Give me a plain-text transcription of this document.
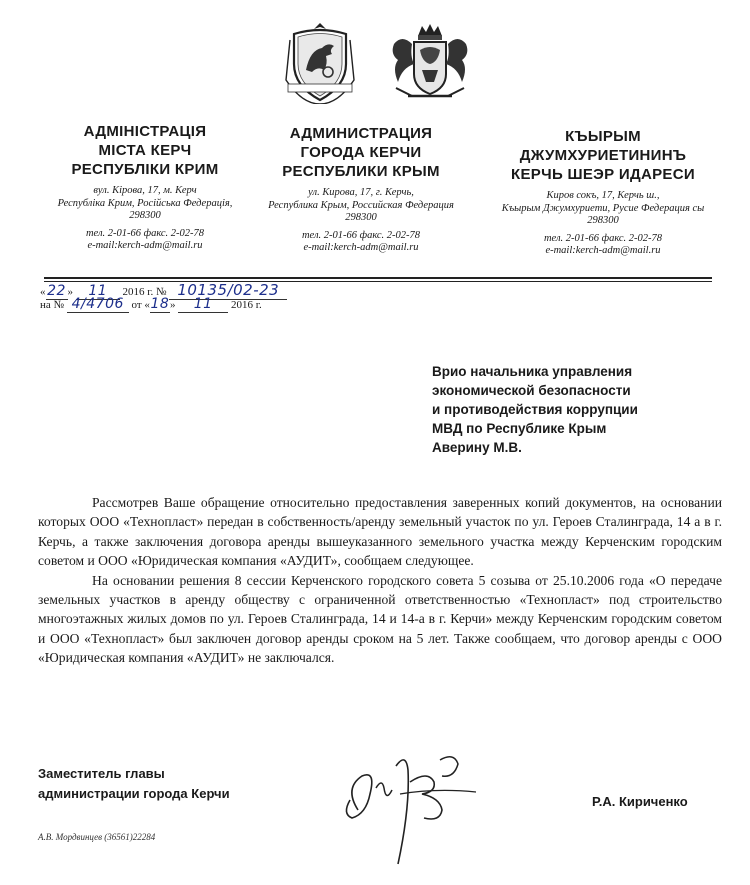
АДМІНІСТРАЦІЯ
МІСТА КЕРЧ
РЕСПУБЛІКИ КРИМ
вул. Кірова, 17, м. Керч
Республіка Крим, Російська Федерація,
298300
тел. 2-01-66 факс. 2-02-78
e-mail:kerch-adm@mail.ru
АДМИНИСТРАЦИЯ
ГОРОДА КЕРЧИ
РЕСПУБЛИКИ КРЫМ
ул. Кирова, 17, г. Керчь,
Республика Крым, Российская Федерация
298300
тел. 2-01-66 факс. 2-02-78
e-mail:kerch-adm@mail.ru
КЪЫРЫМ
ДЖУМХУРИЕТИНИНЪ
КЕРЧЬ ШЕЭР ИДАРЕСИ
Киров сокъ, 17, Керчь ш.,
Къырым Джумхуриети, Русие Федерация сы
298300
тел. 2-01-66 факс. 2-02-78
e-mail:kerch-adm@mail.ru
« 22 » 11 2016 г. № 10135/02-23
на № 4/4706 от «18» 11 2016 г.
Врио начальника управления
экономической безопасности
и противодействия коррупции
МВД по Республике Крым
Аверину М.В.

Рассмотрев Ваше обращение относительно предоставления заверенных копий документов, на основании которых ООО «Технопласт» передан в собственность/аренду земельный участок по ул. Героев Сталинграда, 14 а в г. Керчь, а также заключения договора аренды вышеуказанного земельного участка между Керченским городским советом и ООО «Юридическая компания «АУДИТ», сообщаем следующее.

На основании решения 8 сессии Керченского городского совета 5 созыва от 25.10.2006 года «О передаче земельных участков в аренду обществу с ограниченной ответственностью «Технопласт» под строительство многоэтажных жилых домов по ул. Героев Сталинграда, 14 и 14-а в г. Керчи» между Керченским городским советом и ООО «Технопласт» был заключен договор аренды сроком на 5 лет. Также сообщаем, что договор аренды с ООО «Юридическая компания «АУДИТ» не заключался.

Заместитель главы
администрации города Керчи
Р.А. Кириченко
А.В. Мордвинцев (36561)22284
